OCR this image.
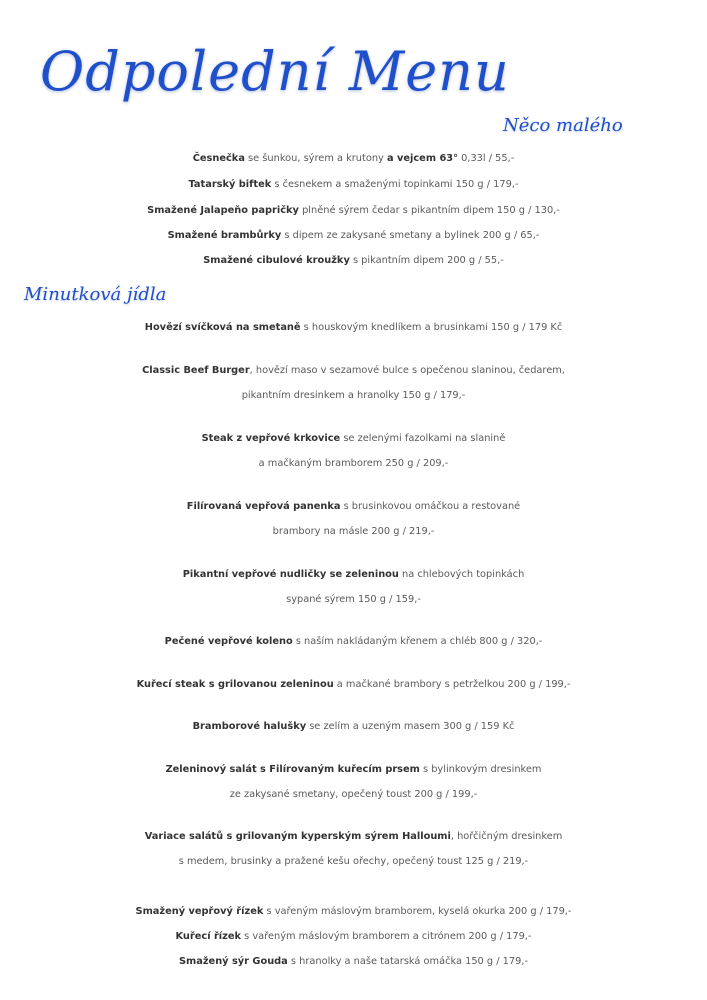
Odpolední Menu
Něco malého
Česnečka se šunkou, sýrem a krutony a vejcem 63° 0,33l / 55,-
Tatarský biftek s česnekem a smaženými topinkami 150 g / 179,-
Smažené Jalapeňo papričky plněné sýrem čedar s pikantním dipem 150 g / 130,-
Smažené brambůrky s dipem ze zakysané smetany a bylinek 200 g / 65,-
Smažené cibulové kroužky s pikantním dipem 200 g / 55,-
Minutková jídla
Hovězí svíčková na smetaně s houskovým knedlíkem a brusinkami 150 g / 179 Kč
Classic Beef Burger, hovězí maso v sezamové bulce s opečenou slaninou, čedarem,
pikantním dresinkem a hranolky 150 g / 179,-
Steak z vepřové krkovice se zelenými fazolkami na slanině
a mačkaným bramborem 250 g / 209,-
Filírovaná vepřová panenka s brusinkovou omáčkou a restované
brambory na másle 200 g / 219,-
Pikantní vepřové nudličky se zeleninou na chlebových topinkách
sypané sýrem 150 g / 159,-
Pečené vepřové koleno s naším nakládaným křenem a chléb 800 g / 320,-
Kuřecí steak s grilovanou zeleninou a mačkané brambory s petrželkou 200 g / 199,-
Bramborové halušky se zelím a uzeným masem 300 g / 159 Kč
Zeleninový salát s Filírovaným kuřecím prsem s bylinkovým dresinkem
ze zakysané smetany, opečený toust 200 g / 199,-
Variace salátů s grilovaným kyperským sýrem Halloumi, hořčičným dresinkem
s medem, brusinky a pražené kešu ořechy, opečený toust 125 g / 219,-
Smažený vepřový řízek s vařeným máslovým bramborem, kyselá okurka 200 g / 179,-
Kuřecí řízek s vařeným máslovým bramborem a citrónem 200 g / 179,-
Smažený sýr Gouda s hranolky a naše tatarská omáčka 150 g / 179,-
